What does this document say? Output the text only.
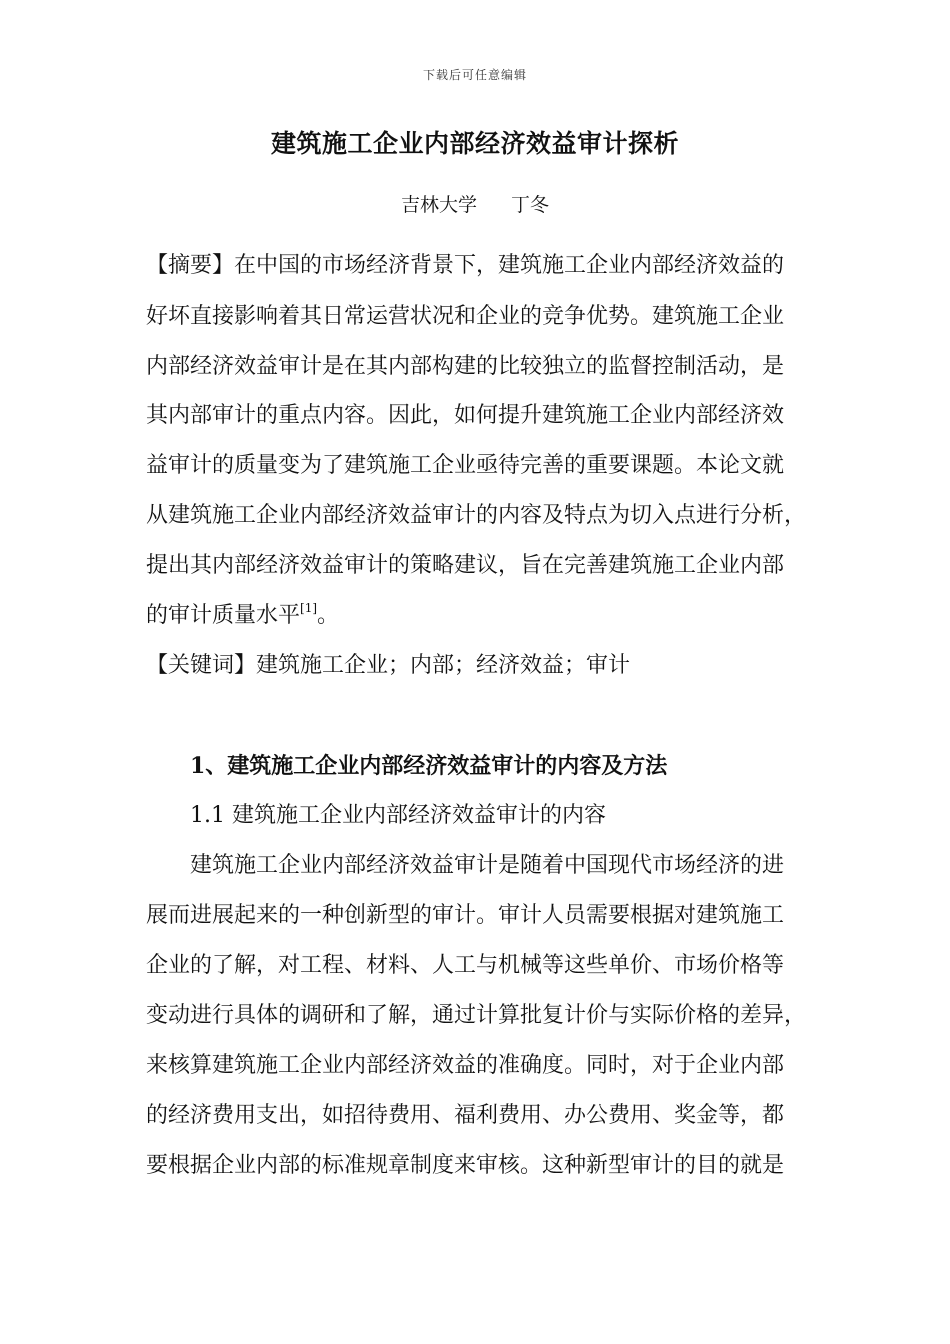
下载后可任意编辑
建筑施工企业内部经济效益审计探析
吉林大学 丁冬
【摘要】在中国的市场经济背景下，建筑施工企业内部经济效益的
好坏直接影响着其日常运营状况和企业的竞争优势。建筑施工企业
内部经济效益审计是在其内部构建的比较独立的监督控制活动，是
其内部审计的重点内容。因此，如何提升建筑施工企业内部经济效
益审计的质量变为了建筑施工企业亟待完善的重要课题。本论文就
从建筑施工企业内部经济效益审计的内容及特点为切入点进行分析，
提出其内部经济效益审计的策略建议，旨在完善建筑施工企业内部
的审计质量水平[1]。
【关键词】建筑施工企业；内部；经济效益；审计
1、建筑施工企业内部经济效益审计的内容及方法
1.1 建筑施工企业内部经济效益审计的内容
建筑施工企业内部经济效益审计是随着中国现代市场经济的进
展而进展起来的一种创新型的审计。审计人员需要根据对建筑施工
企业的了解，对工程、材料、人工与机械等这些单价、市场价格等
变动进行具体的调研和了解，通过计算批复计价与实际价格的差异，
来核算建筑施工企业内部经济效益的准确度。同时，对于企业内部
的经济费用支出，如招待费用、福利费用、办公费用、奖金等，都
要根据企业内部的标准规章制度来审核。这种新型审计的目的就是
